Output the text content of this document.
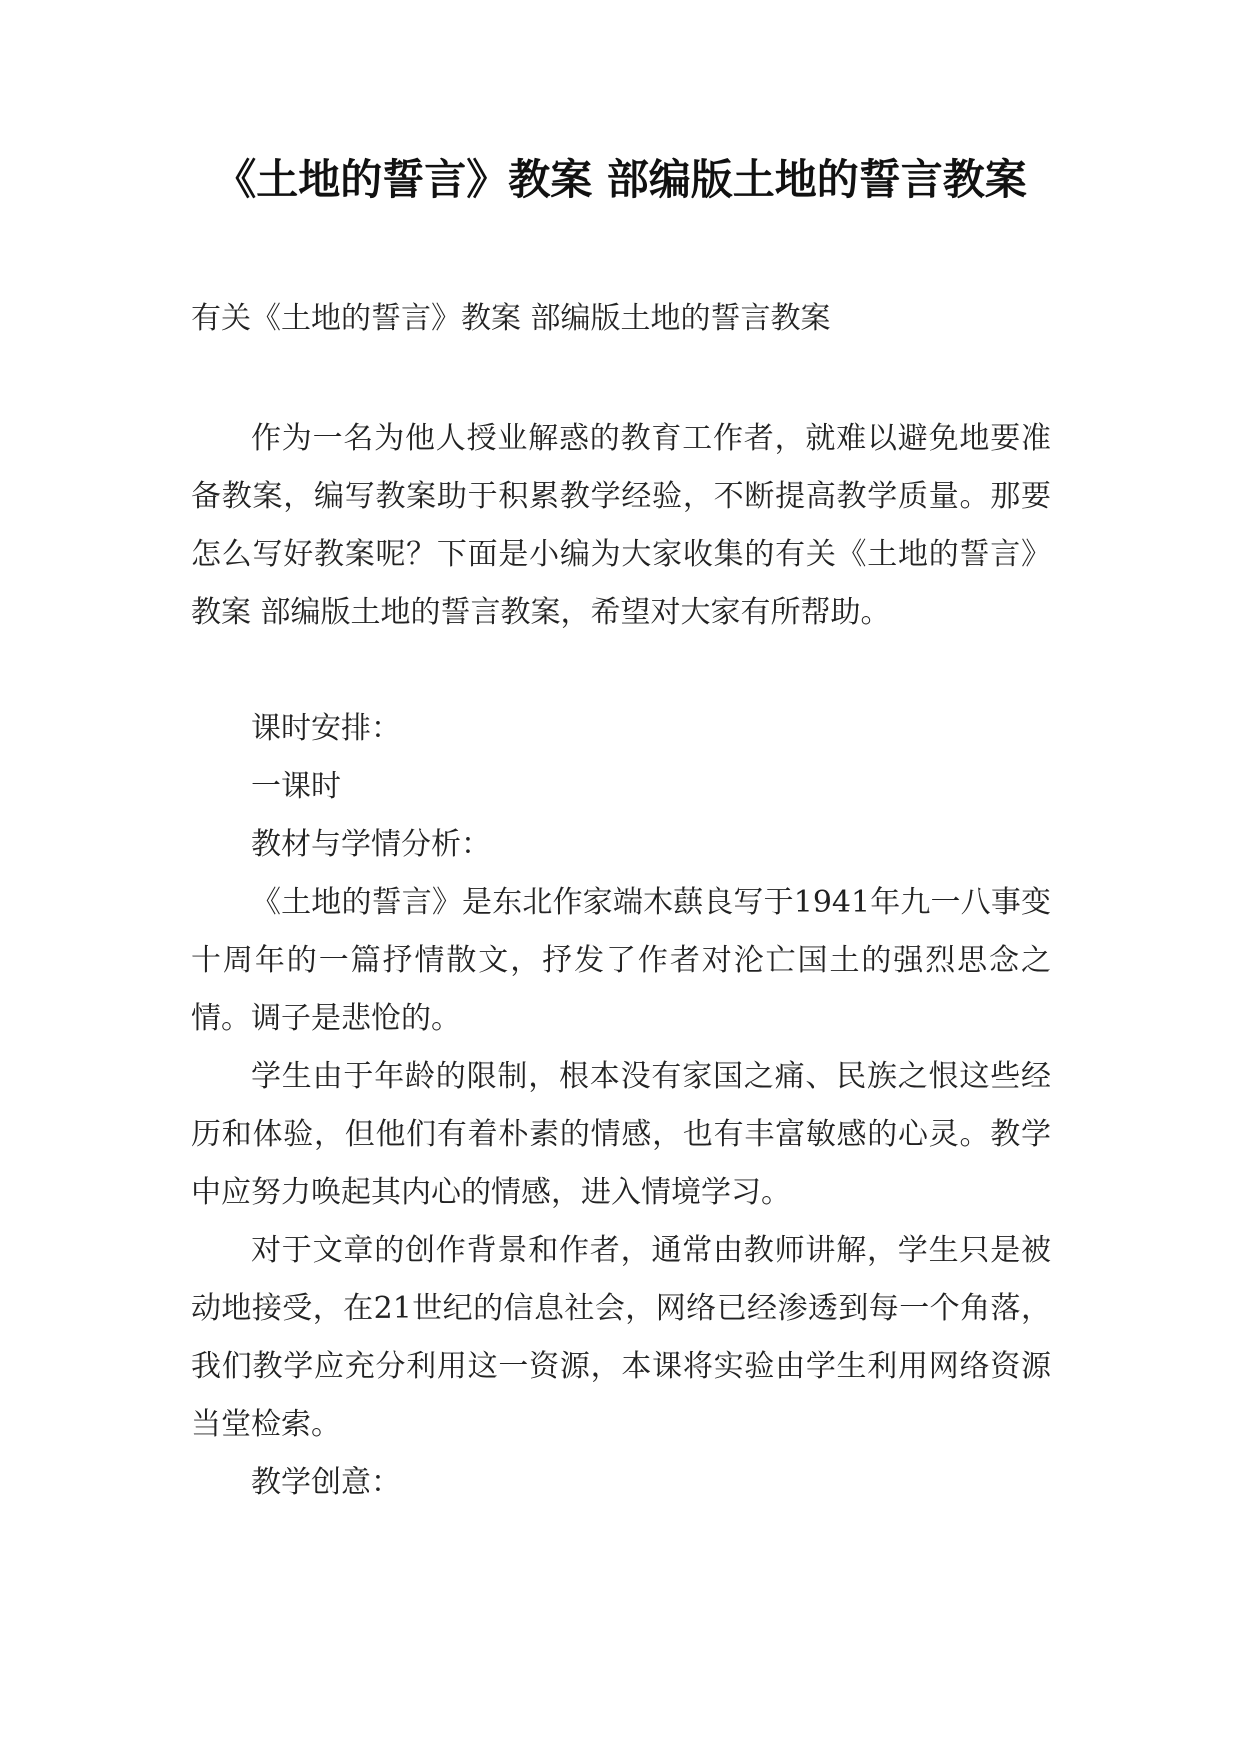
《土地的誓言》教案 部编版土地的誓言教案

有关《土地的誓言》教案 部编版土地的誓言教案

作为一名为他人授业解惑的教育工作者，就难以避免地要准备教案，编写教案助于积累教学经验，不断提高教学质量。那要怎么写好教案呢？下面是小编为大家收集的有关《土地的誓言》教案 部编版土地的誓言教案，希望对大家有所帮助。

课时安排：

一课时

教材与学情分析：

《土地的誓言》是东北作家端木蕻良写于1941年九一八事变十周年的一篇抒情散文，抒发了作者对沦亡国土的强烈思念之情。调子是悲怆的。

学生由于年龄的限制，根本没有家国之痛、民族之恨这些经历和体验，但他们有着朴素的情感，也有丰富敏感的心灵。教学中应努力唤起其内心的情感，进入情境学习。

对于文章的创作背景和作者，通常由教师讲解，学生只是被动地接受，在21世纪的信息社会，网络已经渗透到每一个角落，我们教学应充分利用这一资源，本课将实验由学生利用网络资源当堂检索。

教学创意：
